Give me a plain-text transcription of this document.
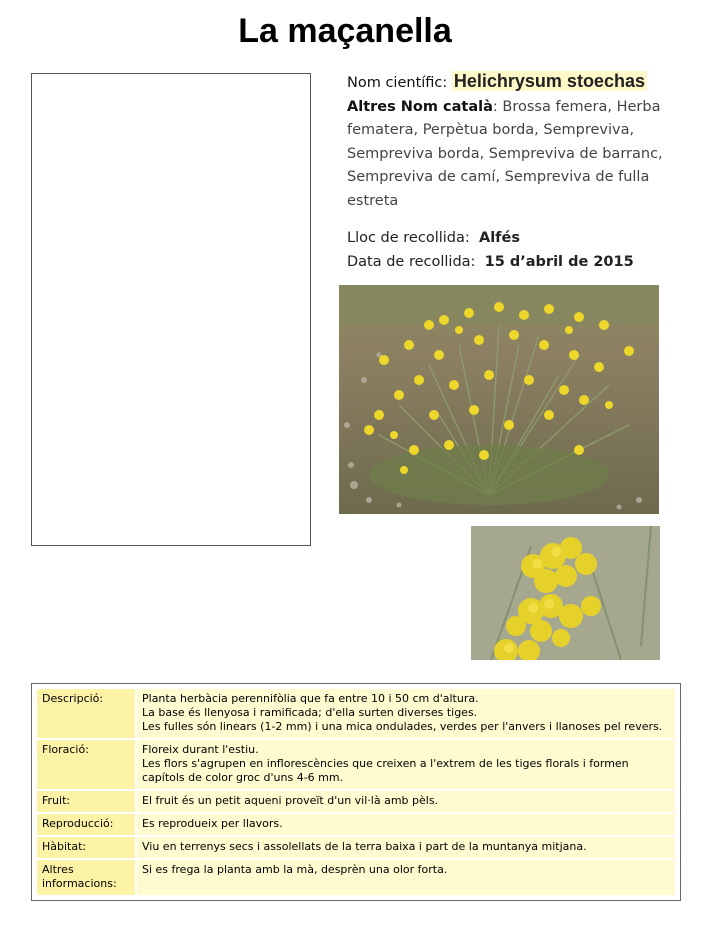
La maçanella
Nom científic: Helichrysum stoechas
Altres Nom català: Brossa femera, Herba fematera, Perpètua borda, Sempreviva, Sempreviva borda, Sempreviva de barranc, Sempreviva de camí, Sempreviva de fulla estreta
Lloc de recollida: Alfés
Data de recollida: 15 d’abril de 2015
Descripció:	Planta herbàcia perennifòlia que fa entre 10 i 50 cm d'altura.
La base és llenyosa i ramificada; d'ella surten diverses tiges.
Les fulles són linears (1-2 mm) i una mica ondulades, verdes per l'anvers i llanoses pel revers.

Floració:	Floreix durant l'estiu.
Les flors s'agrupen en inflorescències que creixen a l'extrem de les tiges florals i formen capítols de color groc d'uns 4-6 mm.

Fruit:	El fruit és un petit aqueni proveït d'un vil·là amb pèls.

Reproducció:	Es reprodueix per llavors.

Hàbitat:	Viu en terrenys secs i assolellats de la terra baixa i part de la muntanya mitjana.

Altres informacions:	Si es frega la planta amb la mà, desprèn una olor forta.
